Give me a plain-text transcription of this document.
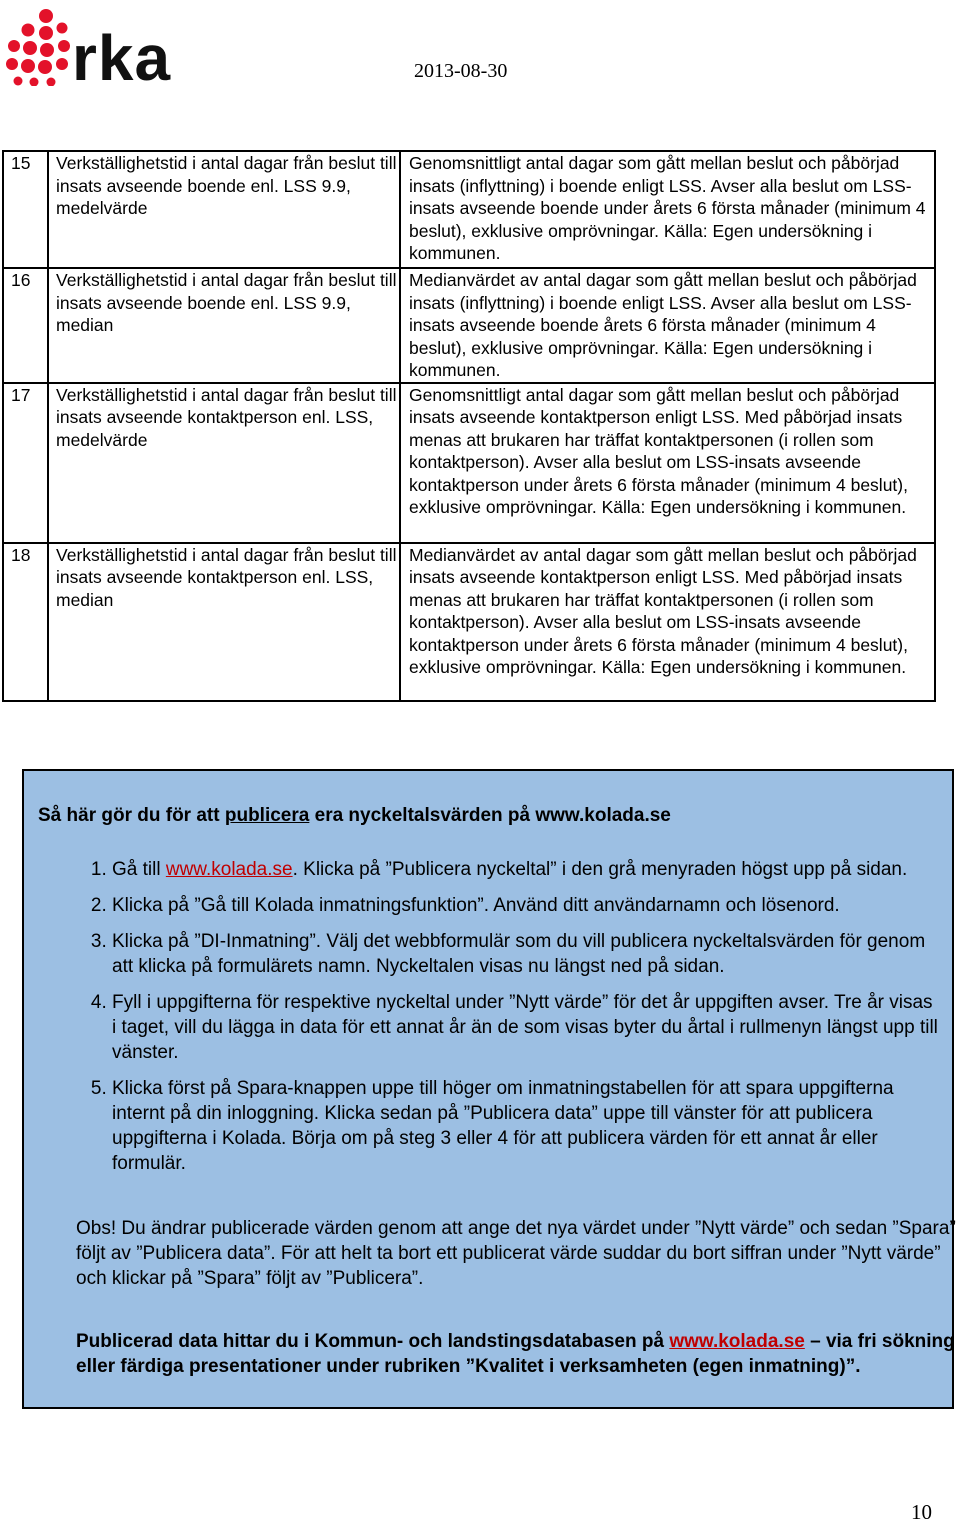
rka	2013-08-30
15	Verkställighetstid i antal dagar från beslut till insats avseende boende enl. LSS 9.9, medelvärde	Genomsnittligt antal dagar som gått mellan beslut och påbörjad insats (inflyttning) i boende enligt LSS. Avser alla beslut om LSS-insats avseende boende under årets 6 första månader (minimum 4 beslut), exklusive omprövningar. Källa: Egen undersökning i kommunen.
16	Verkställighetstid i antal dagar från beslut till insats avseende boende enl. LSS 9.9, median	Medianvärdet av antal dagar som gått mellan beslut och påbörjad insats (inflyttning) i boende enligt LSS. Avser alla beslut om LSS-insats avseende boende årets 6 första månader (minimum 4 beslut), exklusive omprövningar. Källa: Egen undersökning i kommunen.
17	Verkställighetstid i antal dagar från beslut till insats avseende kontaktperson enl. LSS, medelvärde	Genomsnittligt antal dagar som gått mellan beslut och påbörjad insats avseende kontaktperson enligt LSS. Med påbörjad insats menas att brukaren har träffat kontaktpersonen (i rollen som kontaktperson). Avser alla beslut om LSS-insats avseende kontaktperson under årets 6 första månader (minimum 4 beslut), exklusive omprövningar. Källa: Egen undersökning i kommunen.
18	Verkställighetstid i antal dagar från beslut till insats avseende kontaktperson enl. LSS, median	Medianvärdet av antal dagar som gått mellan beslut och påbörjad insats avseende kontaktperson enligt LSS. Med påbörjad insats menas att brukaren har träffat kontaktpersonen (i rollen som kontaktperson). Avser alla beslut om LSS-insats avseende kontaktperson under årets 6 första månader (minimum 4 beslut), exklusive omprövningar. Källa: Egen undersökning i kommunen.
Så här gör du för att publicera era nyckeltalsvärden på www.kolada.se
1. Gå till www.kolada.se. Klicka på ”Publicera nyckeltal” i den grå menyraden högst upp på sidan.
2. Klicka på ”Gå till Kolada inmatningsfunktion”. Använd ditt användarnamn och lösenord.
3. Klicka på ”DI-Inmatning”. Välj det webbformulär som du vill publicera nyckeltalsvärden för genom att klicka på formulärets namn. Nyckeltalen visas nu längst ned på sidan.
4. Fyll i uppgifterna för respektive nyckeltal under ”Nytt värde” för det år uppgiften avser. Tre år visas i taget, vill du lägga in data för ett annat år än de som visas byter du årtal i rullmenyn längst upp till vänster.
5. Klicka först på Spara-knappen uppe till höger om inmatningstabellen för att spara uppgifterna internt på din inloggning. Klicka sedan på ”Publicera data” uppe till vänster för att publicera uppgifterna i Kolada. Börja om på steg 3 eller 4 för att publicera värden för ett annat år eller formulär.
Obs! Du ändrar publicerade värden genom att ange det nya värdet under ”Nytt värde” och sedan ”Spara” följt av ”Publicera data”. För att helt ta bort ett publicerat värde suddar du bort siffran under ”Nytt värde” och klickar på ”Spara” följt av ”Publicera”.
Publicerad data hittar du i Kommun- och landstingsdatabasen på www.kolada.se – via fri sökning eller färdiga presentationer under rubriken ”Kvalitet i verksamheten (egen inmatning)”.
10
